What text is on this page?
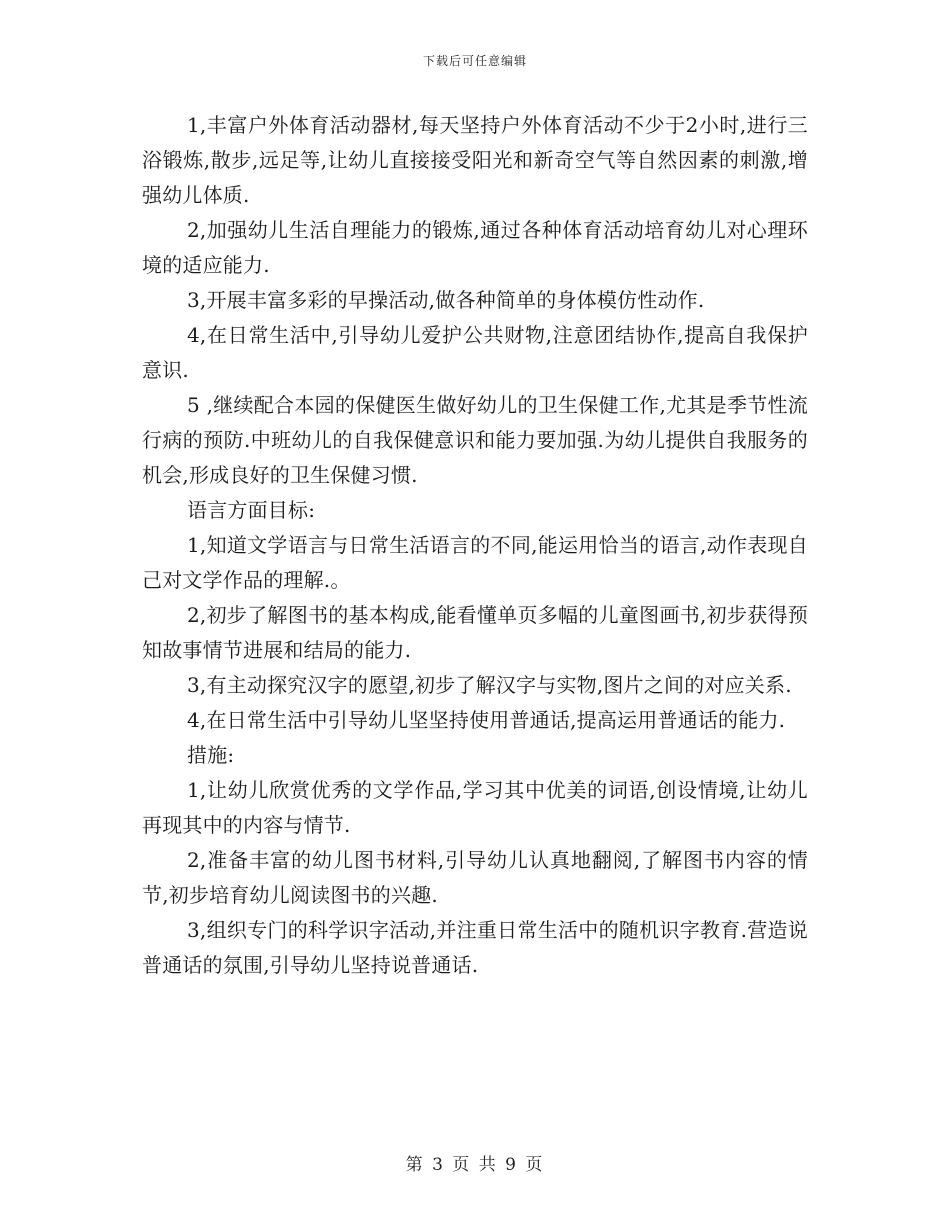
下载后可任意编辑

1,丰富户外体育活动器材,每天坚持户外体育活动不少于2小时,进行三浴锻炼,散步,远足等,让幼儿直接接受阳光和新奇空气等自然因素的刺激,增强幼儿体质.

2,加强幼儿生活自理能力的锻炼,通过各种体育活动培育幼儿对心理环境的适应能力.

3,开展丰富多彩的早操活动,做各种简单的身体模仿性动作.

4,在日常生活中,引导幼儿爱护公共财物,注意团结协作,提高自我保护意识.

5 ,继续配合本园的保健医生做好幼儿的卫生保健工作,尤其是季节性流行病的预防.中班幼儿的自我保健意识和能力要加强.为幼儿提供自我服务的机会,形成良好的卫生保健习惯.

语言方面目标:

1,知道文学语言与日常生活语言的不同,能运用恰当的语言,动作表现自己对文学作品的理解.。

2,初步了解图书的基本构成,能看懂单页多幅的儿童图画书,初步获得预知故事情节进展和结局的能力.

3,有主动探究汉字的愿望,初步了解汉字与实物,图片之间的对应关系.

4,在日常生活中引导幼儿坚坚持使用普通话,提高运用普通话的能力.

措施:

1,让幼儿欣赏优秀的文学作品,学习其中优美的词语,创设情境,让幼儿再现其中的内容与情节.

2,准备丰富的幼儿图书材料,引导幼儿认真地翻阅,了解图书内容的情节,初步培育幼儿阅读图书的兴趣.

3,组织专门的科学识字活动,并注重日常生活中的随机识字教育.营造说普通话的氛围,引导幼儿坚持说普通话.

第 3 页 共 9 页
